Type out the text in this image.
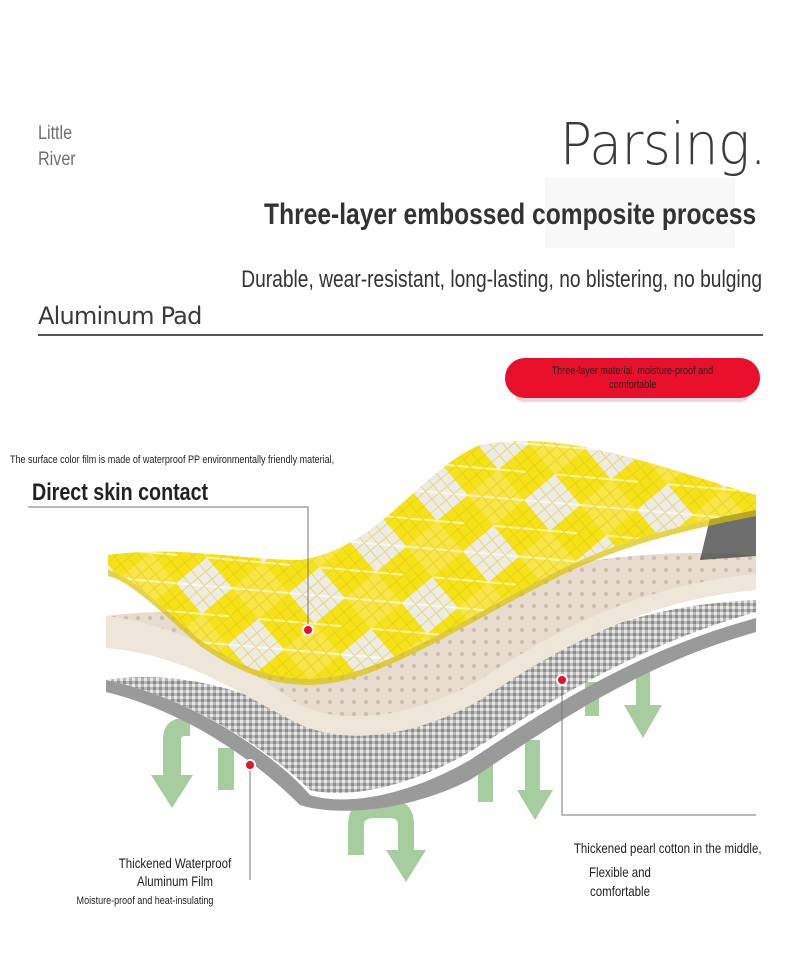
Little
River	Parsing.
Three-layer embossed composite process
Durable, wear-resistant, long-lasting, no blistering, no bulging
Aluminum Pad
Three-layer material, moisture-proof and
comfortable
The surface color film is made of waterproof PP environmentally friendly material,
Direct skin contact
Thickened Waterproof
Aluminum Film
Moisture-proof and heat-insulating
Thickened pearl cotton in the middle,
Flexible and
comfortable
